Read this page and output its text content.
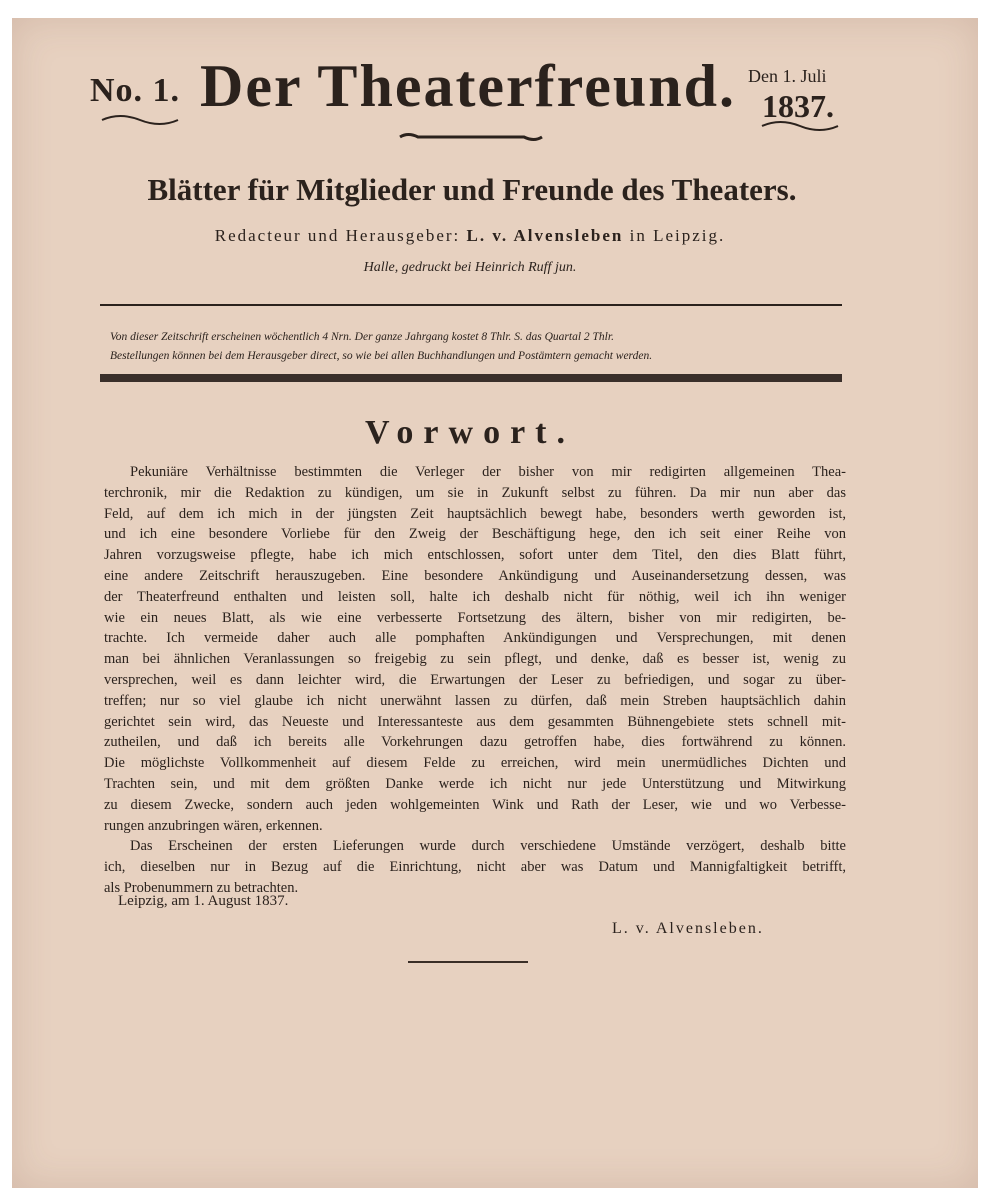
No. 1. Der Theaterfreund. Den 1. Juli
1837.
Blätter für Mitglieder und Freunde des Theaters.
Redacteur und Herausgeber: L. v. Alvensleben in Leipzig.
Halle, gedruckt bei Heinrich Ruff jun.
Von dieser Zeitschrift erscheinen wöchentlich 4 Nrn. Der ganze Jahrgang kostet 8 Thlr. S. das Quartal 2 Thlr.
Bestellungen können bei dem Herausgeber direct, so wie bei allen Buchhandlungen und Postämtern gemacht werden.
Vorwort.
Pekuniäre Verhältnisse bestimmten die Verleger der bisher von mir redigirten allgemeinen Thea-
terchronik, mir die Redaktion zu kündigen, um sie in Zukunft selbst zu führen. Da mir nun aber das
Feld, auf dem ich mich in der jüngsten Zeit hauptsächlich bewegt habe, besonders werth geworden ist,
und ich eine besondere Vorliebe für den Zweig der Beschäftigung hege, den ich seit einer Reihe von
Jahren vorzugsweise pflegte, habe ich mich entschlossen, sofort unter dem Titel, den dies Blatt führt,
eine andere Zeitschrift herauszugeben. Eine besondere Ankündigung und Auseinandersetzung dessen, was
der Theaterfreund enthalten und leisten soll, halte ich deshalb nicht für nöthig, weil ich ihn weniger
wie ein neues Blatt, als wie eine verbesserte Fortsetzung des ältern, bisher von mir redigirten, be-
trachte. Ich vermeide daher auch alle pomphaften Ankündigungen und Versprechungen, mit denen
man bei ähnlichen Veranlassungen so freigebig zu sein pflegt, und denke, daß es besser ist, wenig zu
versprechen, weil es dann leichter wird, die Erwartungen der Leser zu befriedigen, und sogar zu über-
treffen; nur so viel glaube ich nicht unerwähnt lassen zu dürfen, daß mein Streben hauptsächlich dahin
gerichtet sein wird, das Neueste und Interessanteste aus dem gesammten Bühnengebiete stets schnell mit-
zutheilen, und daß ich bereits alle Vorkehrungen dazu getroffen habe, dies fortwährend zu können.
Die möglichste Vollkommenheit auf diesem Felde zu erreichen, wird mein unermüdliches Dichten und
Trachten sein, und mit dem größten Danke werde ich nicht nur jede Unterstützung und Mitwirkung
zu diesem Zwecke, sondern auch jeden wohlgemeinten Wink und Rath der Leser, wie und wo Verbesse-
rungen anzubringen wären, erkennen.
Das Erscheinen der ersten Lieferungen wurde durch verschiedene Umstände verzögert, deshalb bitte
ich, dieselben nur in Bezug auf die Einrichtung, nicht aber was Datum und Mannigfaltigkeit betrifft,
als Probenummern zu betrachten.
Leipzig, am 1. August 1837.
L. v. Alvensleben.
